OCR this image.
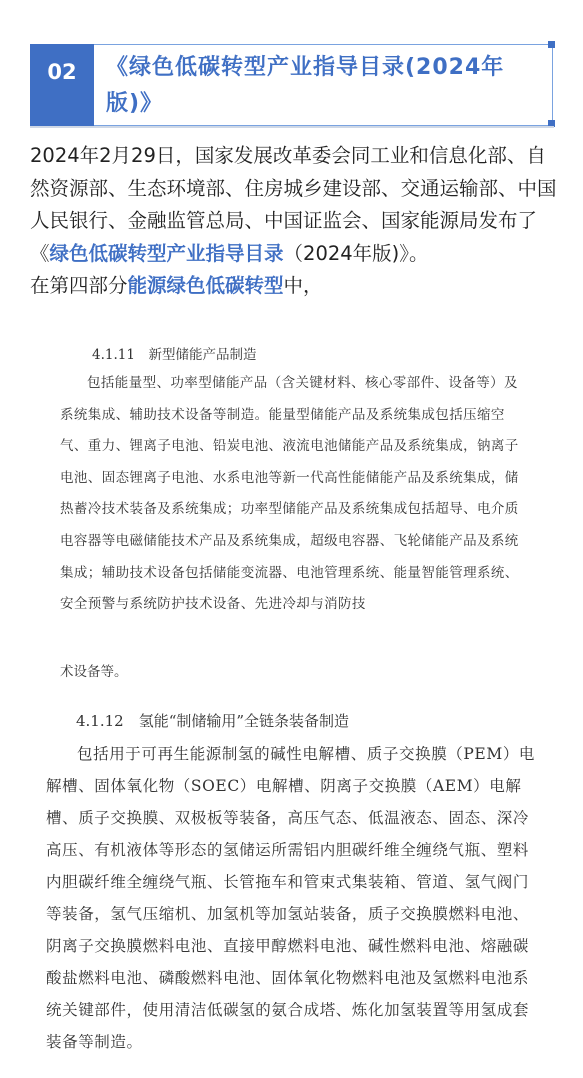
02	《绿色低碳转型产业指导目录(2024年版)》
2024年2月29日，国家发展改革委会同工业和信息化部、自然资源部、生态环境部、住房城乡建设部、交通运输部、中国人民银行、金融监管总局、中国证监会、国家能源局发布了《绿色低碳转型产业指导目录（2024年版)》。
在第四部分能源绿色低碳转型中，
4.1.11　新型储能产品制造

包括能量型、功率型储能产品（含关键材料、核心零部件、设备等）及系统集成、辅助技术设备等制造。能量型储能产品及系统集成包括压缩空气、重力、锂离子电池、铅炭电池、液流电池储能产品及系统集成，钠离子电池、固态锂离子电池、水系电池等新一代高性能储能产品及系统集成，储热蓄冷技术装备及系统集成；功率型储能产品及系统集成包括超导、电介质电容器等电磁储能技术产品及系统集成，超级电容器、飞轮储能产品及系统集成；辅助技术设备包括储能变流器、电池管理系统、能量智能管理系统、安全预警与系统防护技术设备、先进冷却与消防技

术设备等。
4.1.12　氢能“制储输用”全链条装备制造

包括用于可再生能源制氢的碱性电解槽、质子交换膜（PEM）电解槽、固体氧化物（SOEC）电解槽、阴离子交换膜（AEM）电解槽、质子交换膜、双极板等装备，高压气态、低温液态、固态、深冷高压、有机液体等形态的氢储运所需铝内胆碳纤维全缠绕气瓶、塑料内胆碳纤维全缠绕气瓶、长管拖车和管束式集装箱、管道、氢气阀门等装备，氢气压缩机、加氢机等加氢站装备，质子交换膜燃料电池、阴离子交换膜燃料电池、直接甲醇燃料电池、碱性燃料电池、熔融碳酸盐燃料电池、磷酸燃料电池、固体氧化物燃料电池及氢燃料电池系统关键部件，使用清洁低碳氢的氨合成塔、炼化加氢装置等用氢成套装备等制造。
